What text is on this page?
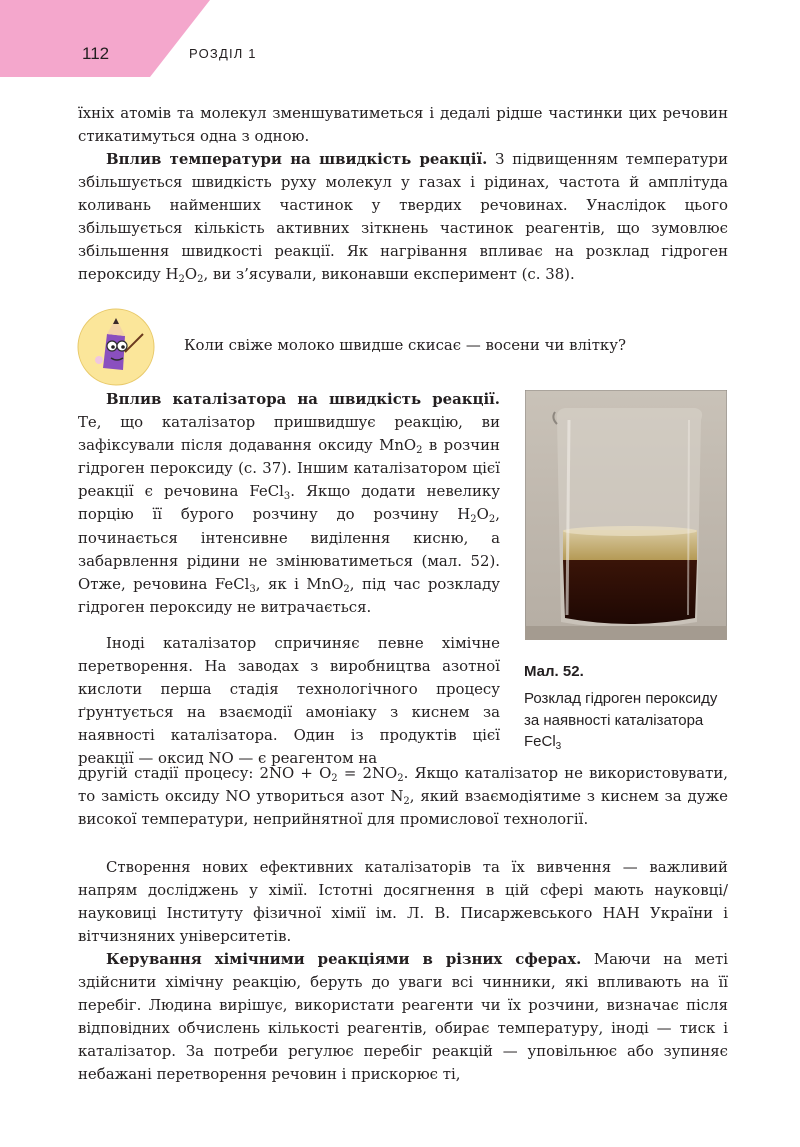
112	РОЗДІЛ 1

їхніх атомів та молекул зменшуватиметься і дедалі рідше частинки цих речовин стикатимуться одна з одною.

Вплив температури на швидкість реакції. З підвищенням температури збільшується швидкість руху молекул у газах і рідинах, частота й амплітуда коливань найменших частинок у твердих речовинах. Унаслідок цього збільшується кількість активних зіткнень частинок реагентів, що зумовлює збільшення швидкості реакції. Як нагрівання впливає на розклад гідроген пероксиду $H_2O_2$, ви з’ясували, виконавши експеримент (с. 38).

Коли свіже молоко швидше скисає — восени чи влітку?

Вплив каталізатора на швидкість реакції. Те, що каталізатор пришвидшує реакцію, ви зафіксували після додавання оксиду MnO$_2$ в розчин гідроген пероксиду (с. 37). Іншим каталізатором цієї реакції є речовина FeCl$_3$. Якщо додати невелику порцію її бурого розчину до розчину $H_2O_2$, починається інтенсивне виділення кисню, а забарвлення рідини не змінюватиметься (мал. 52). Отже, речовина FeCl$_3$, як і MnO$_2$, під час розкладу гідроген пероксиду не витрачається.

Іноді каталізатор спричиняє певне хімічне перетворення. На заводах з виробництва азотної кислоти перша стадія технологічного процесу ґрунтується на взаємодії амоніаку з киснем за наявності каталізатора. Один із продуктів цієї реакції — оксид NO — є реагентом на

другій стадії процесу: $2NO + O_2 = 2NO_2$. Якщо каталізатор не використовувати, то замість оксиду NO утвориться азот $N_2$, який взаємодіятиме з киснем за дуже високої температури, неприйнятної для промислової технології.

Мал. 52.
Розклад гідроген пероксиду за наявності каталізатора FeCl$_3$

Створення нових ефективних каталізаторів та їх вивчення — важливий напрям досліджень у хімії. Істотні досягнення в цій сфері мають науковці/науковиці Інституту фізичної хімії ім. Л. В. Писаржевського НАН України і вітчизняних університетів.

Керування хімічними реакціями в різних сферах. Маючи на меті здійснити хімічну реакцію, беруть до уваги всі чинники, які впливають на її перебіг. Людина вирішує, використати реагенти чи їх розчини, визначає після відповідних обчислень кількості реагентів, обирає температуру, іноді — тиск і каталізатор. За потреби регулює перебіг реакцій — уповільнює або зупиняє небажані перетворення речовин і прискорює ті,
